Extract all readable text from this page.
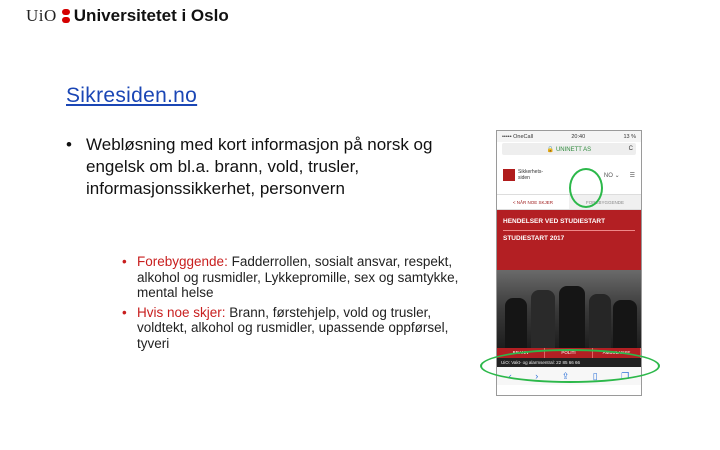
UiO Universitetet i Oslo
Sikresiden.no
• Webløsning med kort informasjon på norsk og engelsk om bl.a. brann, vold, trusler, informasjonssikkerhet, personvern
• Forebyggende: Fadderrollen, sosialt ansvar, respekt, alkohol og rusmidler, Lykkepromille, sex og samtykke, mental helse
• Hvis noe skjer: Brann, førstehjelp, vold og trusler, voldtekt, alkohol og rusmidler, upassende oppførsel, tyveri
••••• OneCall	20:40	13 %
🔒 UNINETT AS	C
Sikkerhets- siden	NO ⌄ ☰
< NÅR NOE SKJER	FOREBYGGENDE
HENDELSER VED STUDIESTART
STUDIESTART 2017
BRANN	POLITI	AMBULANSE
UiO: Vakt- og alarmsentral: 22 85 66 66
‹	›	⇪	▯	❐
